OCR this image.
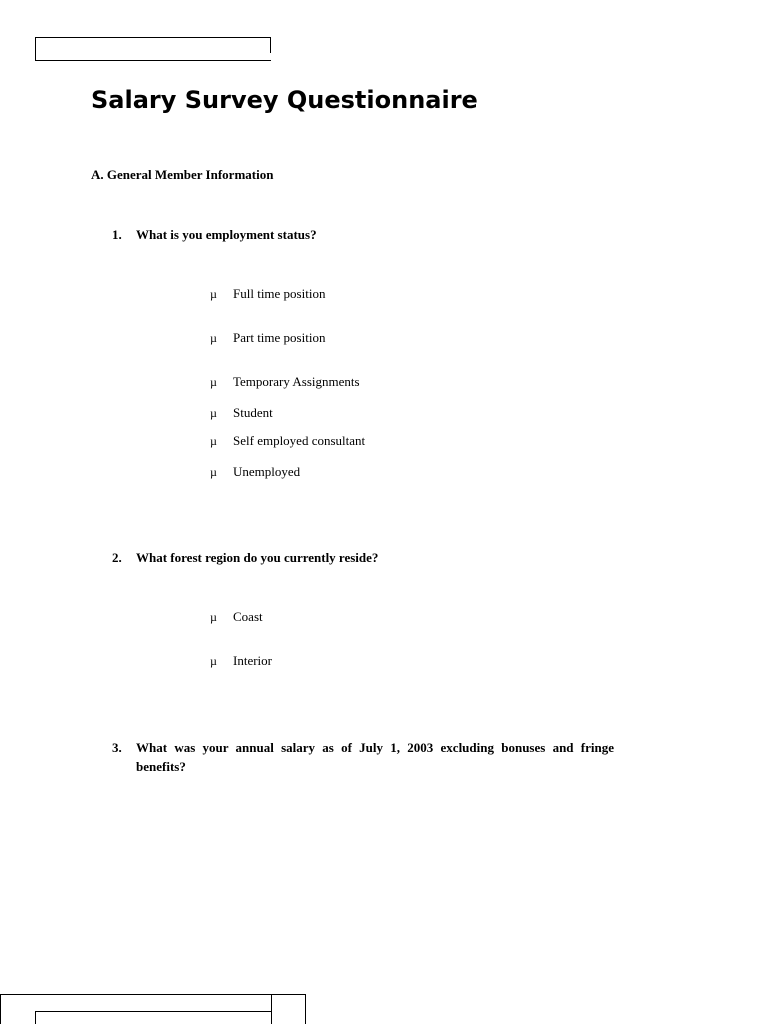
Salary Survey Questionnaire
A. General Member Information
1. What is you employment status?
µ Full time position
µ Part time position
µ Temporary Assignments
µ Student
µ Self employed consultant
µ Unemployed
2. What forest region do you currently reside?
µ Coast
µ Interior
3. What was your annual salary as of July 1, 2003 excluding bonuses and fringe benefits?
